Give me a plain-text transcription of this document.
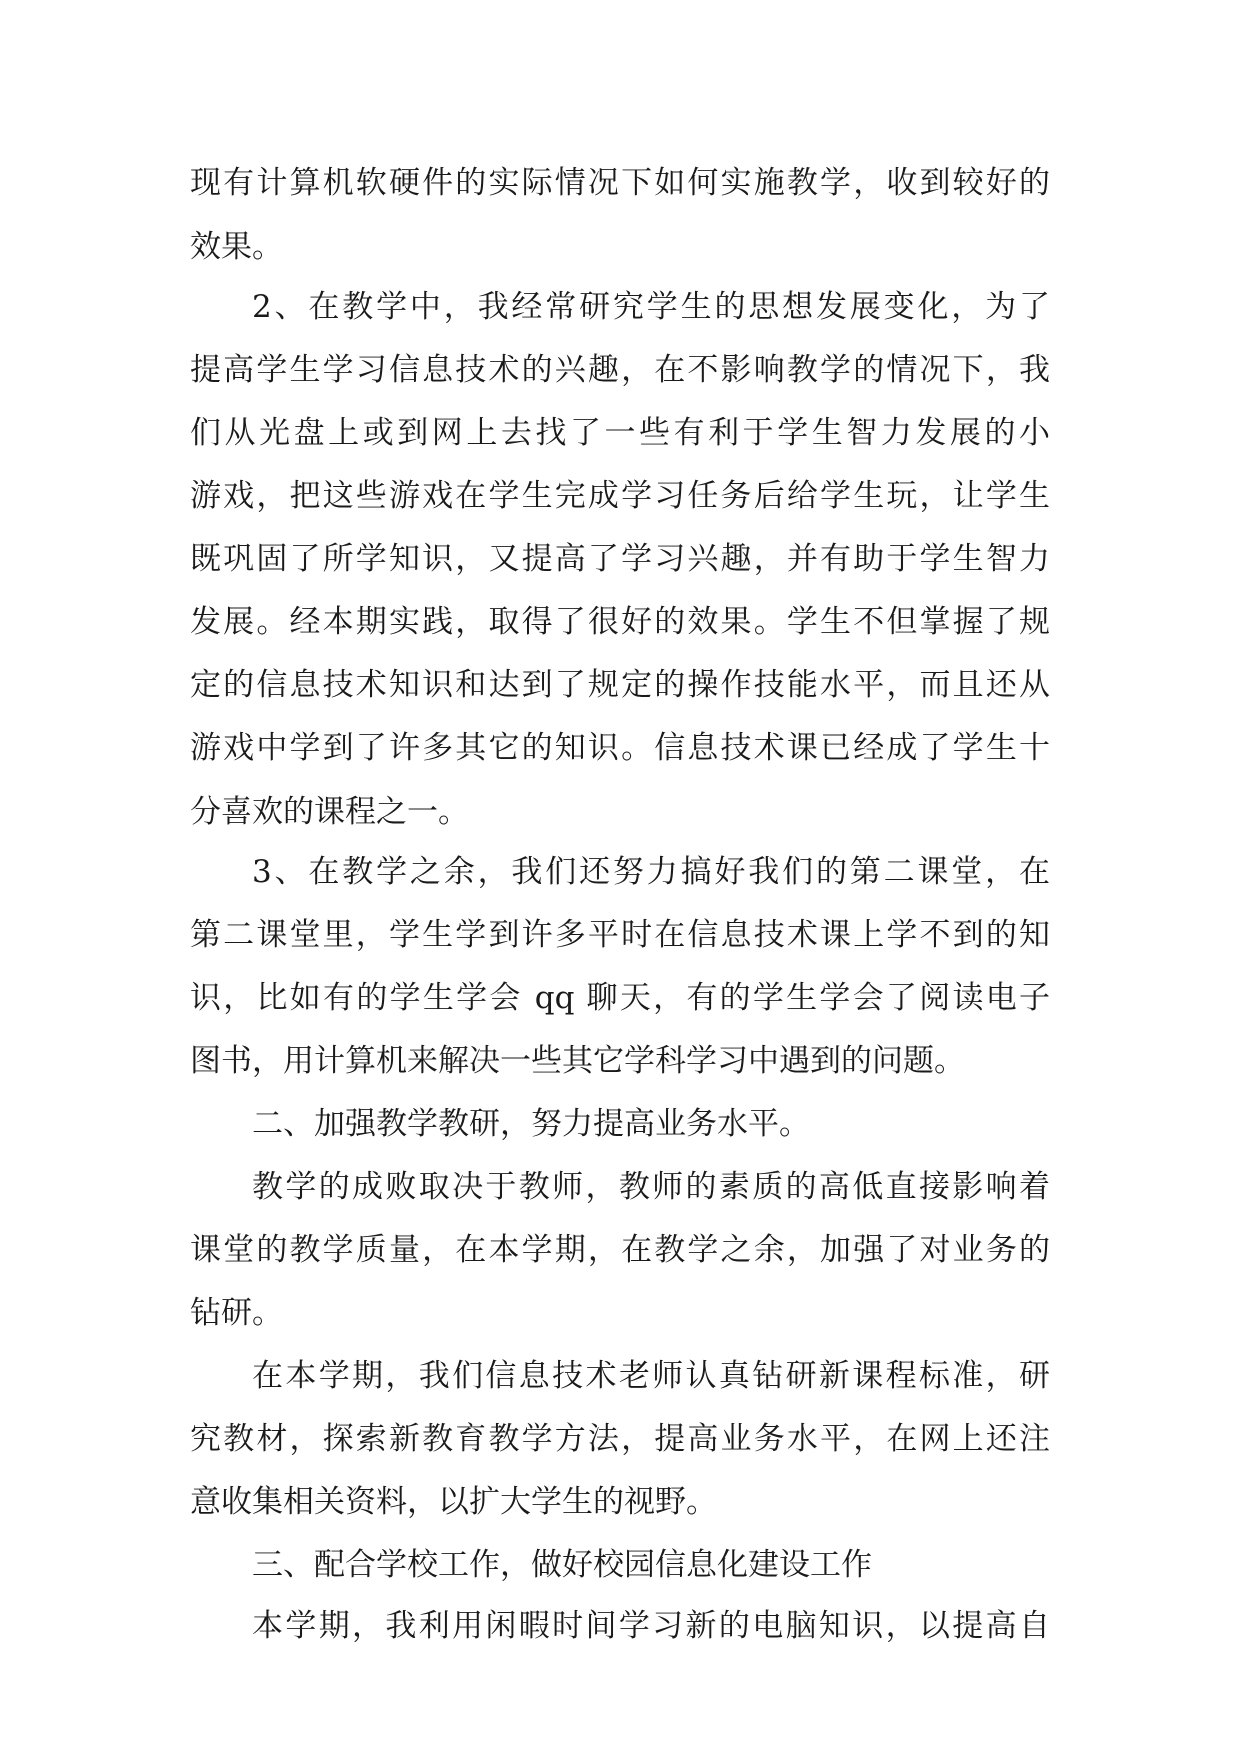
现有计算机软硬件的实际情况下如何实施教学，收到较好的

效果。

2、在教学中，我经常研究学生的思想发展变化，为了

提高学生学习信息技术的兴趣，在不影响教学的情况下，我

们从光盘上或到网上去找了一些有利于学生智力发展的小

游戏，把这些游戏在学生完成学习任务后给学生玩，让学生

既巩固了所学知识，又提高了学习兴趣，并有助于学生智力

发展。经本期实践，取得了很好的效果。学生不但掌握了规

定的信息技术知识和达到了规定的操作技能水平，而且还从

游戏中学到了许多其它的知识。信息技术课已经成了学生十

分喜欢的课程之一。

3、在教学之余，我们还努力搞好我们的第二课堂，在

第二课堂里，学生学到许多平时在信息技术课上学不到的知

识，比如有的学生学会 qq 聊天，有的学生学会了阅读电子

图书，用计算机来解决一些其它学科学习中遇到的问题。

二、加强教学教研，努力提高业务水平。

教学的成败取决于教师，教师的素质的高低直接影响着

课堂的教学质量，在本学期，在教学之余，加强了对业务的

钻研。

在本学期，我们信息技术老师认真钻研新课程标准，研

究教材，探索新教育教学方法，提高业务水平，在网上还注

意收集相关资料，以扩大学生的视野。

三、配合学校工作，做好校园信息化建设工作

本学期，我利用闲暇时间学习新的电脑知识，以提高自
